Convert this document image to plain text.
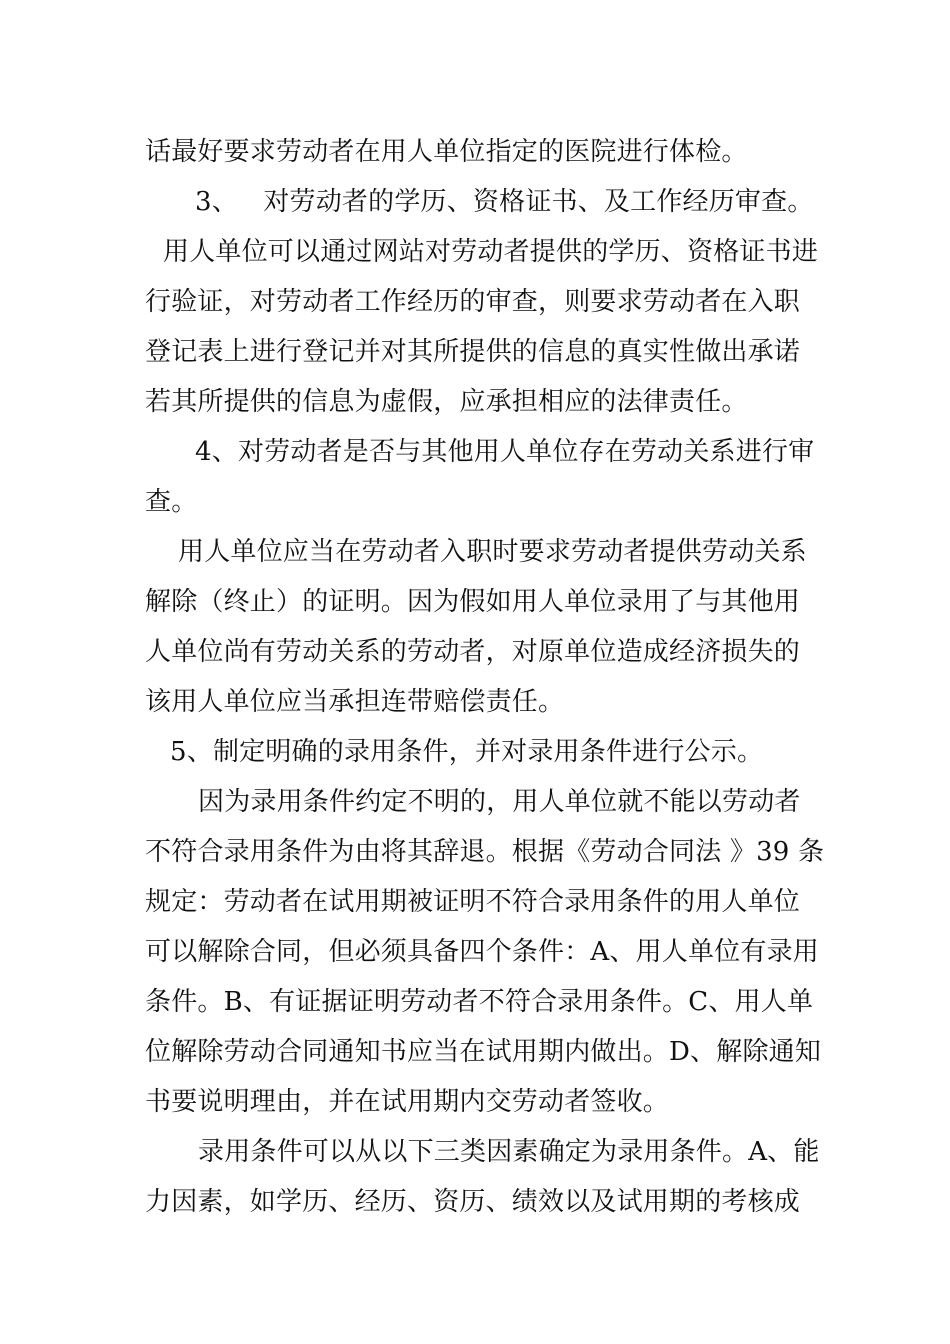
话最好要求劳动者在用人单位指定的医院进行体检。
3、   对劳动者的学历、资格证书、及工作经历审查。
用人单位可以通过网站对劳动者提供的学历、资格证书进
行验证，对劳动者工作经历的审查，则要求劳动者在入职
登记表上进行登记并对其所提供的信息的真实性做出承诺
若其所提供的信息为虚假，应承担相应的法律责任。
4、对劳动者是否与其他用人单位存在劳动关系进行审
查。
用人单位应当在劳动者入职时要求劳动者提供劳动关系
解除（终止）的证明。因为假如用人单位录用了与其他用
人单位尚有劳动关系的劳动者，对原单位造成经济损失的
该用人单位应当承担连带赔偿责任。
5、制定明确的录用条件，并对录用条件进行公示。
因为录用条件约定不明的，用人单位就不能以劳动者
不符合录用条件为由将其辞退。根据《劳动合同法 》39 条
规定：劳动者在试用期被证明不符合录用条件的用人单位
可以解除合同，但必须具备四个条件：A、用人单位有录用
条件。B、有证据证明劳动者不符合录用条件。C、用人单
位解除劳动合同通知书应当在试用期内做出。D、解除通知
书要说明理由，并在试用期内交劳动者签收。
录用条件可以从以下三类因素确定为录用条件。A、能
力因素，如学历、经历、资历、绩效以及试用期的考核成
